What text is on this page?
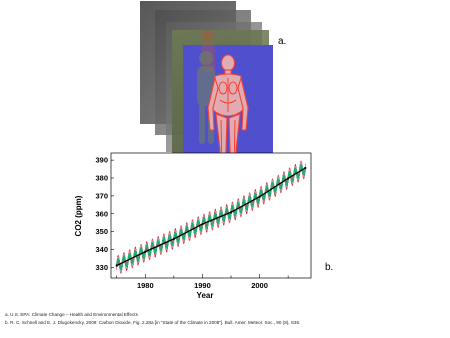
330
340
350
360
370
380
390
1980	1990	2000
CO2 (ppm)
Year
a.
b.
a. U.S. EPA: Climate Change – Health and Environmental Effects
b. R. C. Schnell and E. J. Dlugokencky, 2009: Carbon Dioxide, Fig. 2.28a [in "State of the Climate in 2008"]. Bull. Amer. Meteor. Soc., 90 (8), S36.
